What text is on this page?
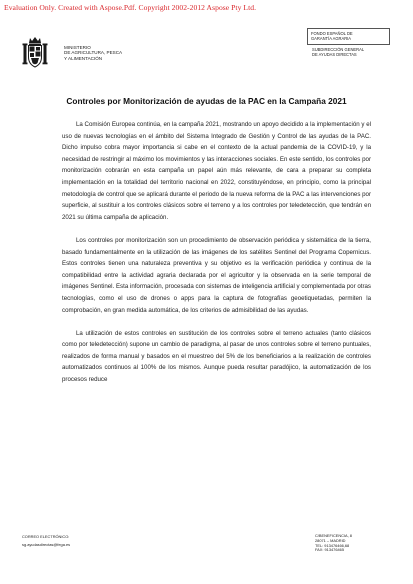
Evaluation Only. Created with Aspose.Pdf. Copyright 2002-2012 Aspose Pty Ltd.
MINISTERIO
DE AGRICULTURA, PESCA
Y ALIMENTACIÓN
FONDO ESPAÑOL DE
GARANTÍA AGRARIA
SUBDIRECCIÓN GENERAL
DE AYUDAS DIRECTAS
Controles por Monitorización de ayudas de la PAC en la Campaña 2021

La Comisión Europea continúa, en la campaña 2021, mostrando un apoyo decidido a la implementación y el uso de nuevas tecnologías en el ámbito del Sistema Integrado de Gestión y Control de las ayudas de la PAC. Dicho impulso cobra mayor importancia si cabe en el contexto de la actual pandemia de la COVID-19, y la necesidad de restringir al máximo los movimientos y las interacciones sociales. En este sentido, los controles por monitorización cobrarán en esta campaña un papel aún más relevante, de cara a preparar su completa implementación en la totalidad del territorio nacional en 2022, constituyéndose, en principio, como la principal metodología de control que se aplicará durante el periodo de la nueva reforma de la PAC a las intervenciones por superficie, al sustituir a los controles clásicos sobre el terreno y a los controles por teledetección, que tendrán en 2021 su última campaña de aplicación.

Los controles por monitorización son un procedimiento de observación periódica y sistemática de la tierra, basado fundamentalmente en la utilización de las imágenes de los satélites Sentinel del Programa Copernicus. Estos controles tienen una naturaleza preventiva y su objetivo es la verificación periódica y continua de la compatibilidad entre la actividad agraria declarada por el agricultor y la observada en la serie temporal de imágenes Sentinel. Esta información, procesada con sistemas de inteligencia artificial y complementada por otras tecnologías, como el uso de drones o apps para la captura de fotografías geoetiquetadas, permiten la comprobación, en gran medida automática, de los criterios de admisibilidad de las ayudas.

La utilización de estos controles en sustitución de los controles sobre el terreno actuales (tanto clásicos como por teledetección) supone un cambio de paradigma, al pasar de unos controles sobre el terreno puntuales, realizados de forma manual y basados en el muestreo del 5% de los beneficiarios a la realización de controles automatizados continuos al 100% de los mismos. Aunque pueda resultar paradójico, la automatización de los procesos reduce

CORREO ELECTRÓNICO:
sg.ayudasdirectas@fega.es
C/BENEFICENCIA, 8
28071 – MADRID
TEL: 913476466,68
FAX: 913476465
